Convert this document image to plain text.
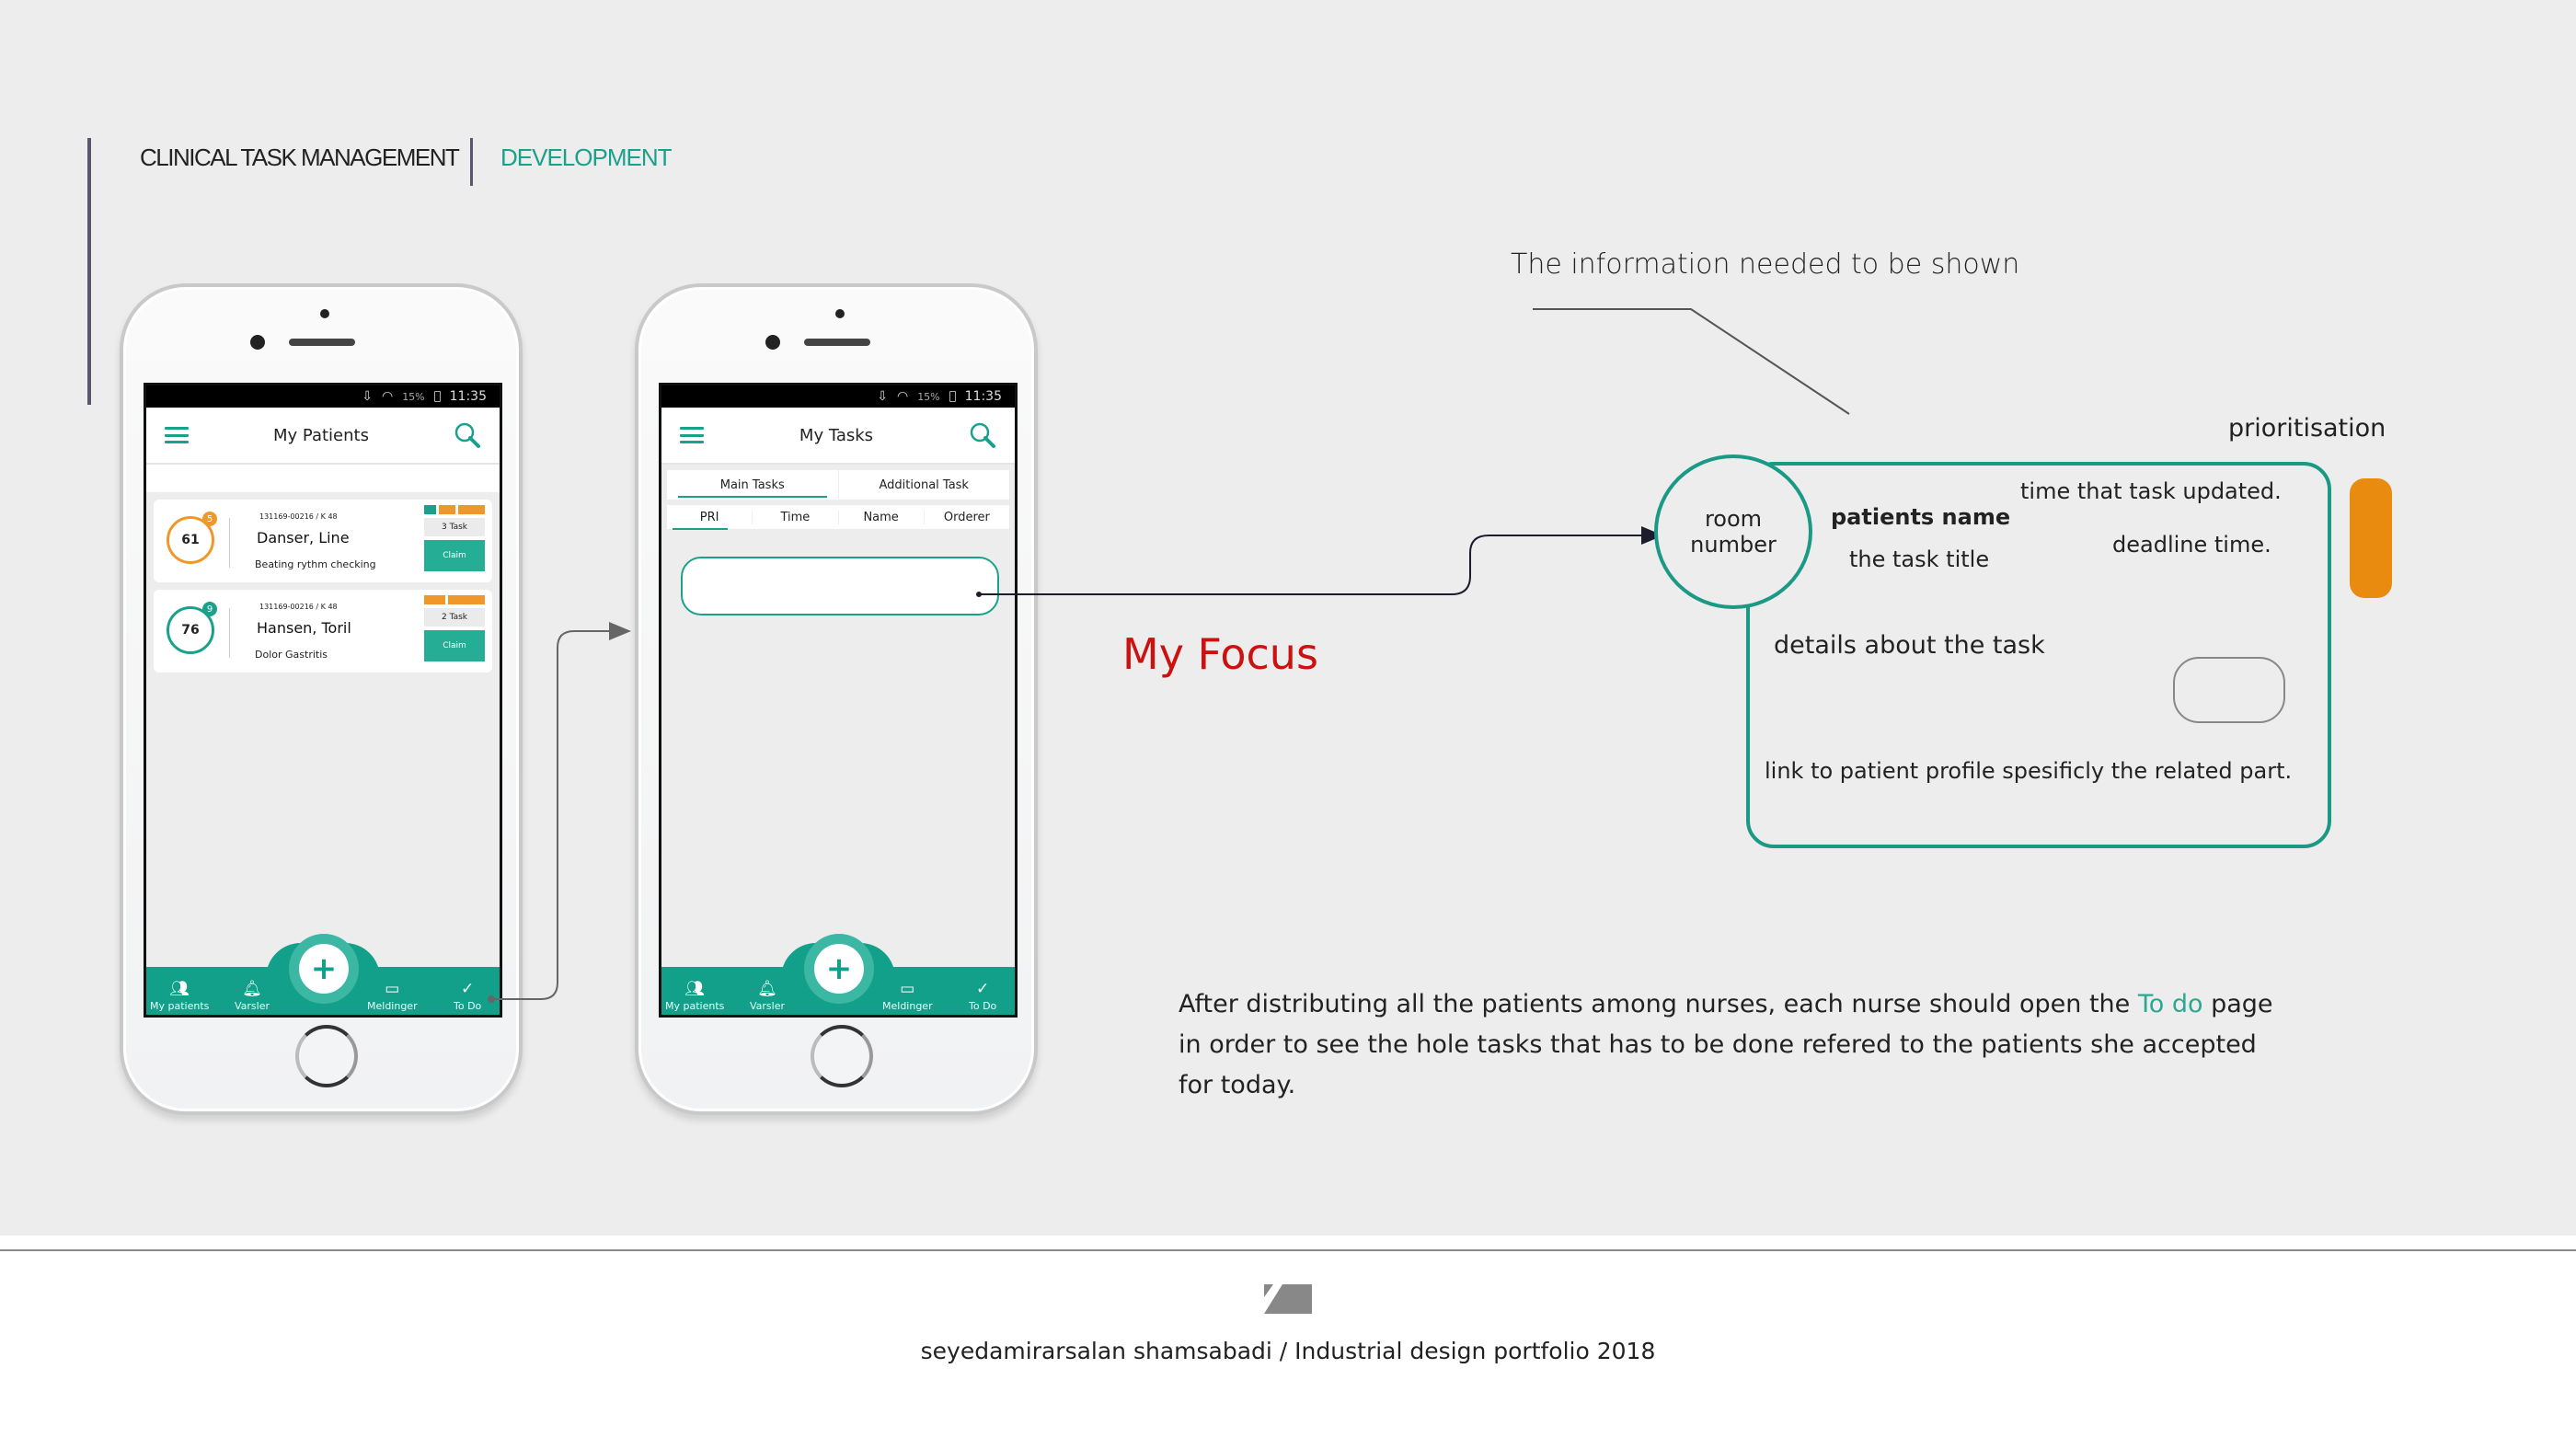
CLINICAL TASK MANAGEMENT DEVELOPMENT
⇩ ◠ 15% 11:35
My Patients
61
5	131169-00216 / K 48
Danser, Line
Beating rythm checking
3 Task
Claim
76
9	131169-00216 / K 48
Hansen, Toril
Dolor Gastritis
2 Task
Claim
+
👥︎
My patients
🔔︎
Varsler
▭
Meldinger
✓
To Do
⇩ ◠ 15% 11:35
My Tasks
Main Tasks	Additional Task
PRI	Time	Name	Orderer
+
👥︎
My patients
🔔︎
Varsler
▭
Meldinger
✓
To Do
The information needed to be shown
prioritisation
room
number
time that task updated.
patients name
deadline time.
the task title
details about the task
link to patient profile spesificly the related part.
My Focus
After distributing all the patients among nurses, each nurse should open the To do page in order to see the hole tasks that has to be done refered to the patients she accepted for today.
seyedamirarsalan shamsabadi / Industrial design portfolio 2018
